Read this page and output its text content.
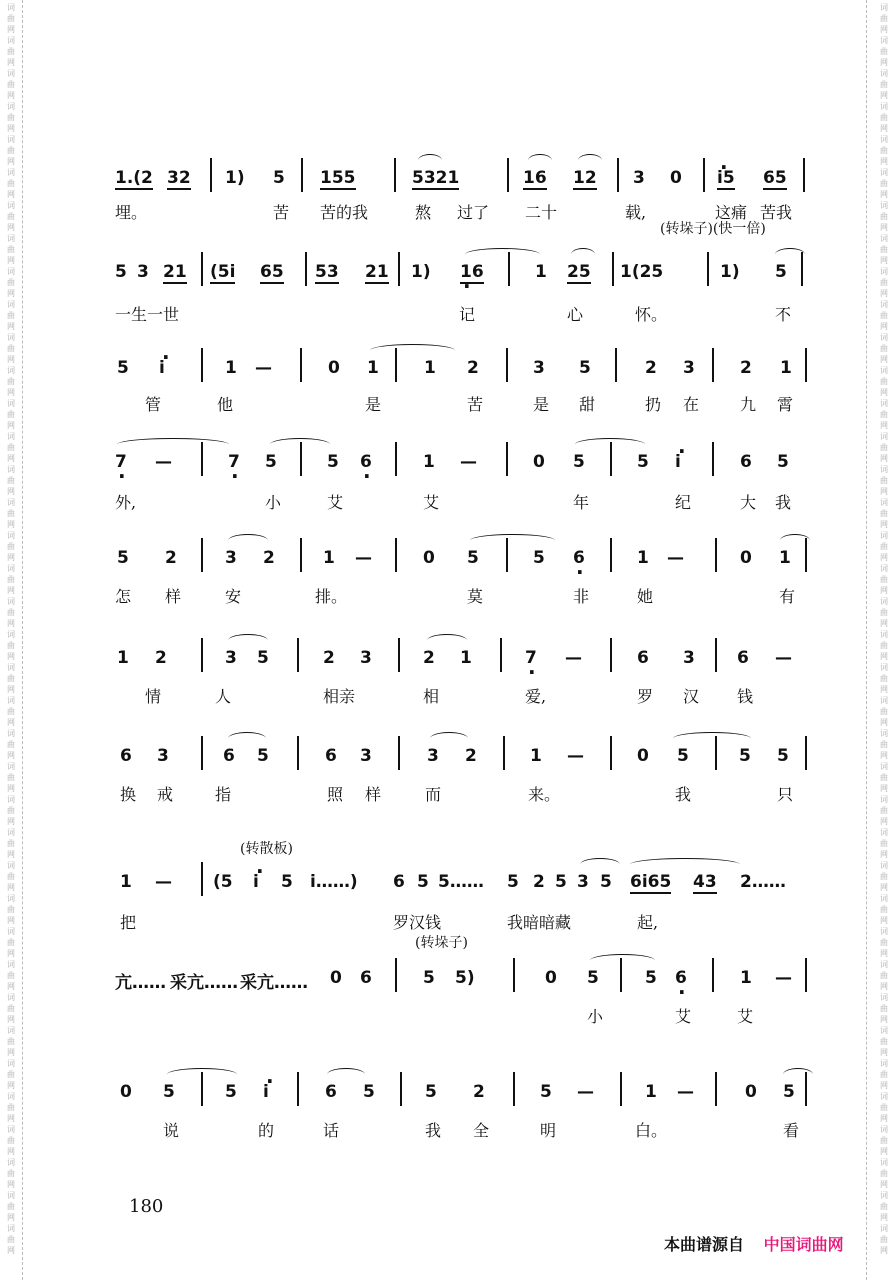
词
曲
网
词
曲
网
词
曲
网
词
曲
网
词
曲
网
词
曲
网
词
曲
网
词
曲
网
词
曲
网
词
曲
网
词
曲
网
词
曲
网
词
曲
网
词
曲
网
词
曲
网
词
曲
网
词
曲
网
词
曲
网
词
曲
网
词
曲
网
词
曲
网
词
曲
网
词
曲
网
词
曲
网
词
曲
网
词
曲
网
词
曲
网
词
曲
网
词
曲
网
词
曲
网
词
曲
网
词
曲
网
词
曲
网
词
曲
网
词
曲
网
词
曲
网
词
曲
网
词
曲
网
词
曲
网
词
曲
网
词
曲
网
词
曲
网
词
曲
网
词
曲
网
词
曲
网
词
曲
网
词
曲
网
词
曲
网
词
曲
网
词
曲
网
词
曲
网
词
曲
网
词
曲
网
词
曲
网
词
曲
网
词
曲
网
词
曲
网
词
曲
网
词
曲
网
词
曲
网
词
曲
网
词
曲
网
词
曲
网
词
曲
网
词
曲
网
词
曲
网
词
曲
网
词
曲
网
词
曲
网
词
曲
网
词
曲
网
词
曲
网
词
曲
网
词
曲
网
词
曲
网
词
曲
网
(转垛子)(快一倍)
(转散板)
(转垛子)
1.(2 32 1) 5 155	5321	16 12 3 0 · i5 65
埋。	苦 苦的我	熬 过了 二十	载,	这痛 苦我
5 3 21 (5i 65 53 21 1) 16 ·	1 25 1(25	1) 5
一生一世	记	心	怀。	不
5 · i	1 —	0 1	1 2	3 5	2 3	2 1
管	他	是	苦	是 甜	扔 在	九 霄
7 · —	7 · 5	5 6 ·	1 —	0 5	5 · i	6 5
外,	小	艾	艾	年	纪	大 我
5 2	3 2	1 —	0 5	5 6 ·	1 —	0 1
怎 样	安	排。	莫	非	她	有
1 2	3 5	2 3	2 1	7 · —	6 3 6 —
情	人	相亲	相	爱,	罗 汉 钱
6 3	6 5	6 3	3 2	1 —	0 5	5 5
换 戒	指	照 样	而	来。	我	只
1 — (5 · i 5 i……) 6 5 5…… 5 2 5 3 5 6i65 43 2……
把	罗汉钱	我暗暗藏	起,
亢…… 采亢…… 采亢…… 0 6	5 5)	0 5	5 6 ·	1 —
小	艾	艾
0 5	5 · i	6 5	5 2	5 —	1 —	0 5
说	的	话	我 全	明	白。	看
180
本曲谱源自 中国词曲网
